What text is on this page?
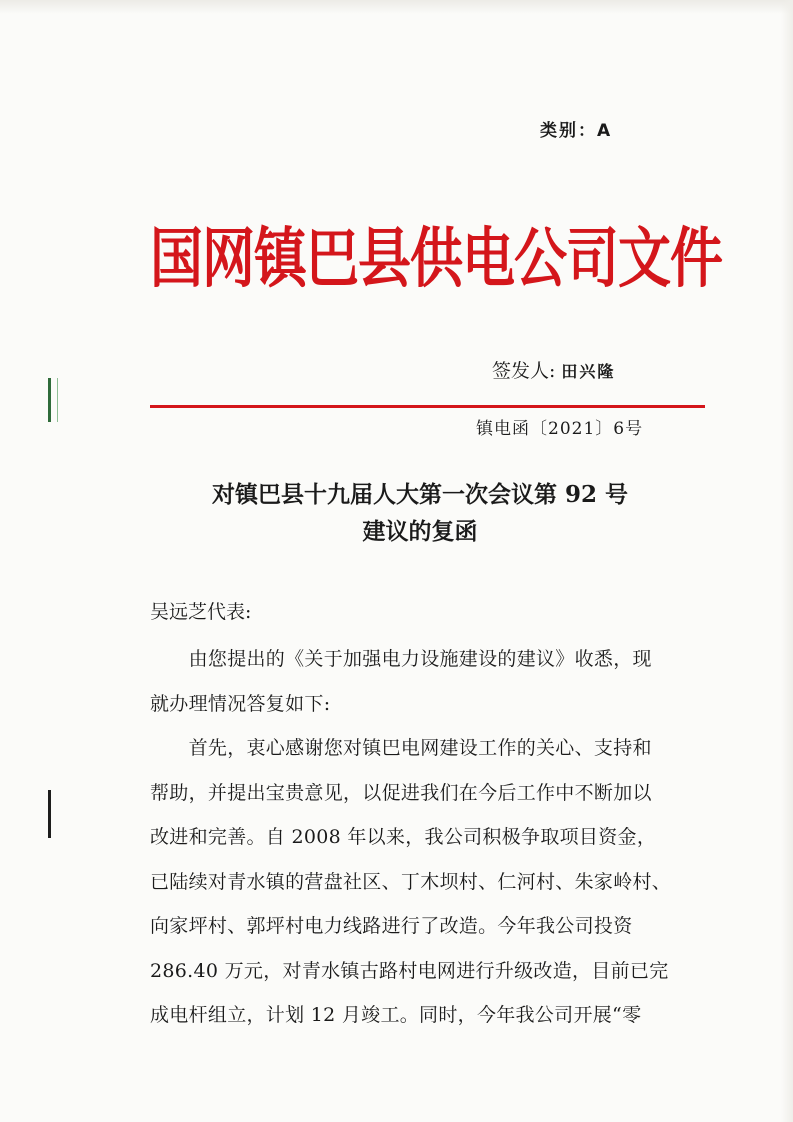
类别：A
国网镇巴县供电公司文件
签发人: 田兴隆
镇电函〔2021〕6号
对镇巴县十九届人大第一次会议第 92 号
建议的复函
吴远芝代表:
　　由您提出的《关于加强电力设施建设的建议》收悉，现
就办理情况答复如下:
　　首先，衷心感谢您对镇巴电网建设工作的关心、支持和
帮助，并提出宝贵意见，以促进我们在今后工作中不断加以
改进和完善。自 2008 年以来，我公司积极争取项目资金，
已陆续对青水镇的营盘社区、丁木坝村、仁河村、朱家岭村、
向家坪村、郭坪村电力线路进行了改造。今年我公司投资
286.40 万元，对青水镇古路村电网进行升级改造，目前已完
成电杆组立，计划 12 月竣工。同时，今年我公司开展“零
